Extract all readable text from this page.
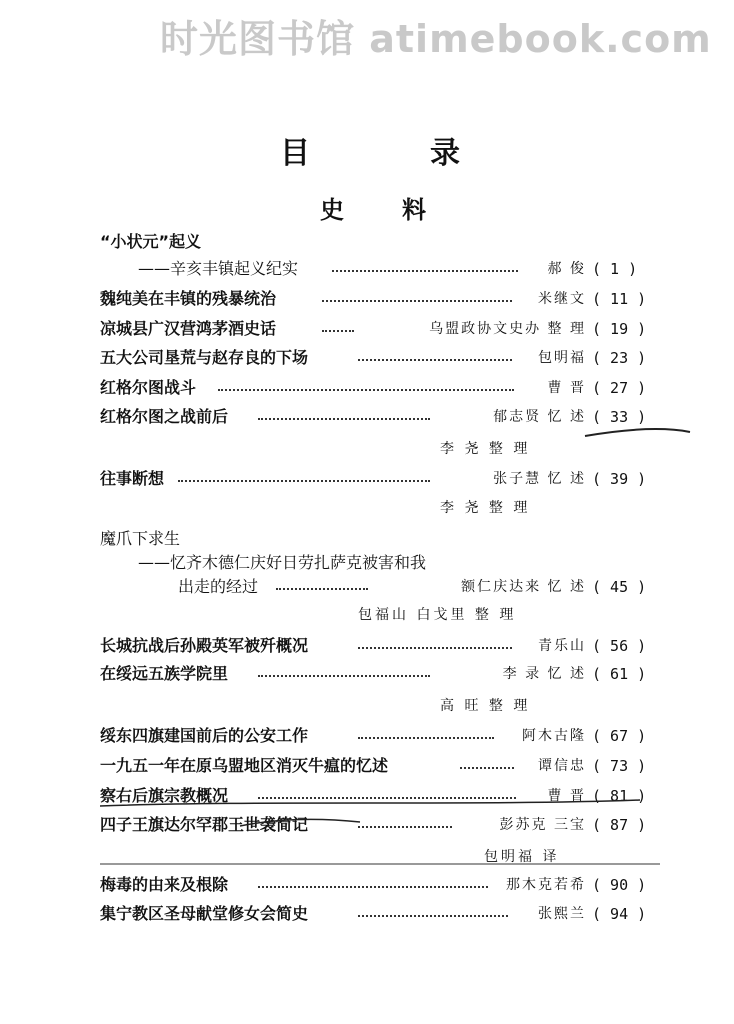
时光图书馆 atimebook.com
目录
史料
“小状元”起义
——辛亥丰镇起义纪实	郝 俊 ( 1 )
魏纯美在丰镇的残暴统治	米继文 ( 11 )
凉城县广汉营鸿茅酒史话	乌盟政协文史办 整 理 ( 19 )
五大公司垦荒与赵存良的下场	包明福 ( 23 )
红格尔图战斗	曹 晋 ( 27 )
红格尔图之战前后	郁志贤 忆 述 ( 33 )
李 尧 整 理
往事断想	张子慧 忆 述 ( 39 )
李 尧 整 理
魔爪下求生
——忆齐木德仁庆好日劳扎萨克被害和我
出走的经过	额仁庆达来 忆 述 ( 45 )
包福山 白戈里 整 理
长城抗战后孙殿英军被歼概况	青乐山 ( 56 )
在绥远五族学院里	李 录 忆 述 ( 61 )
高 旺 整 理
绥东四旗建国前后的公安工作	阿木古隆 ( 67 )
一九五一年在原乌盟地区消灭牛瘟的忆述	谭信忠 ( 73 )
察右后旗宗教概况	曹 晋 ( 81 )
四子王旗达尔罕郡王世袭简记	彭苏克 三宝 ( 87 )
包明福 译
梅毒的由来及根除	那木克若希 ( 90 )
集宁教区圣母献堂修女会简史	张熙兰 ( 94 )
